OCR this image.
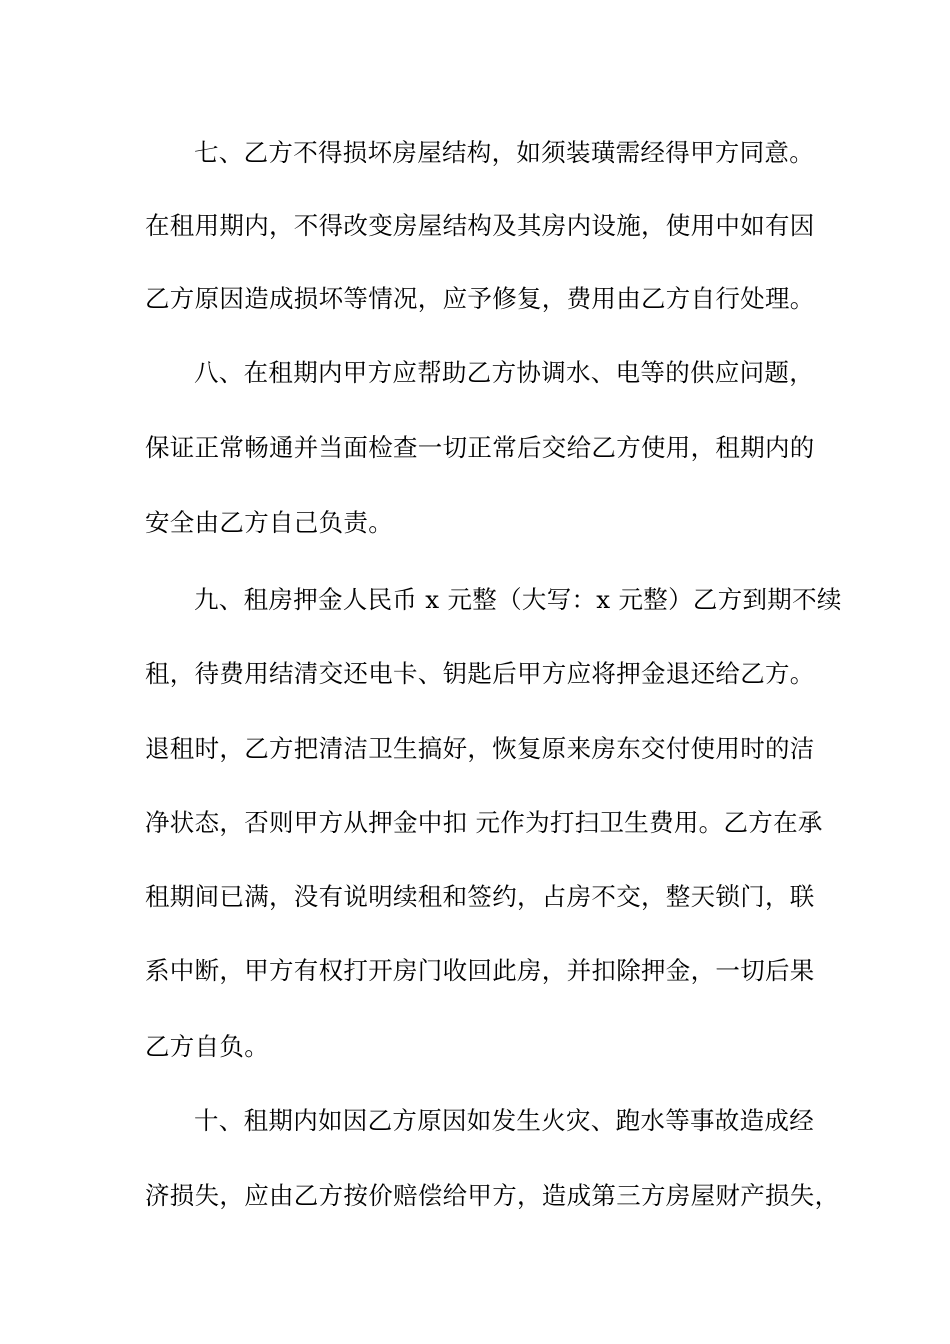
七、乙方不得损坏房屋结构，如须装璜需经得甲方同意。
在租用期内，不得改变房屋结构及其房内设施，使用中如有因
乙方原因造成损坏等情况，应予修复，费用由乙方自行处理。
八、在租期内甲方应帮助乙方协调水、电等的供应问题，
保证正常畅通并当面检查一切正常后交给乙方使用，租期内的
安全由乙方自己负责。
九、租房押金人民币 x 元整（大写：x 元整）乙方到期不续
租，待费用结清交还电卡、钥匙后甲方应将押金退还给乙方。
退租时，乙方把清洁卫生搞好，恢复原来房东交付使用时的洁
净状态，否则甲方从押金中扣 元作为打扫卫生费用。乙方在承
租期间已满，没有说明续租和签约，占房不交，整天锁门，联
系中断，甲方有权打开房门收回此房，并扣除押金，一切后果
乙方自负。
十、租期内如因乙方原因如发生火灾、跑水等事故造成经
济损失，应由乙方按价赔偿给甲方，造成第三方房屋财产损失，
